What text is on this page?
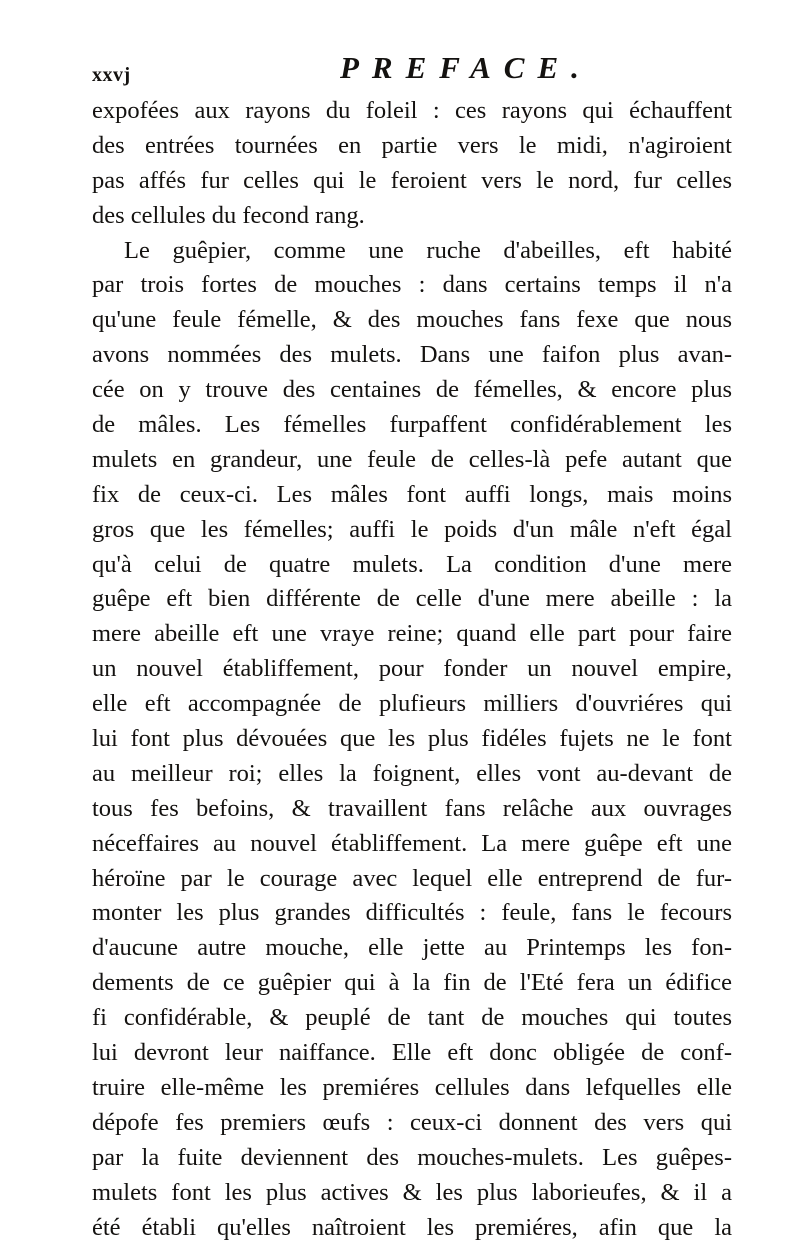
xxvj	PREFACE.
expofées aux rayons du foleil : ces rayons qui échauffent
des entrées tournées en partie vers le midi, n'agiroient
pas affés fur celles qui le feroient vers le nord, fur celles
des cellules du fecond rang.
Le guêpier, comme une ruche d'abeilles, eft habité
par trois fortes de mouches : dans certains temps il n'a
qu'une feule fémelle, & des mouches fans fexe que nous
avons nommées des mulets. Dans une faifon plus avan-
cée on y trouve des centaines de fémelles, & encore plus
de mâles. Les fémelles furpaffent confidérablement les
mulets en grandeur, une feule de celles-là pefe autant que
fix de ceux-ci. Les mâles font auffi longs, mais moins
gros que les fémelles; auffi le poids d'un mâle n'eft égal
qu'à celui de quatre mulets. La condition d'une mere
guêpe eft bien différente de celle d'une mere abeille : la
mere abeille eft une vraye reine; quand elle part pour faire
un nouvel établiffement, pour fonder un nouvel empire,
elle eft accompagnée de plufieurs milliers d'ouvriéres qui
lui font plus dévouées que les plus fidéles fujets ne le font
au meilleur roi; elles la foignent, elles vont au-devant de
tous fes befoins, & travaillent fans relâche aux ouvrages
néceffaires au nouvel établiffement. La mere guêpe eft une
héroïne par le courage avec lequel elle entreprend de fur-
monter les plus grandes difficultés : feule, fans le fecours
d'aucune autre mouche, elle jette au Printemps les fon-
dements de ce guêpier qui à la fin de l'Eté fera un édifice
fi confidérable, & peuplé de tant de mouches qui toutes
lui devront leur naiffance. Elle eft donc obligée de conf-
truire elle-même les premiéres cellules dans lefquelles elle
dépofe fes premiers œufs : ceux-ci donnent des vers qui
par la fuite deviennent des mouches-mulets. Les guêpes-
mulets font les plus actives & les plus laborieufes, & il a
été établi qu'elles naîtroient les premiéres, afin que la
